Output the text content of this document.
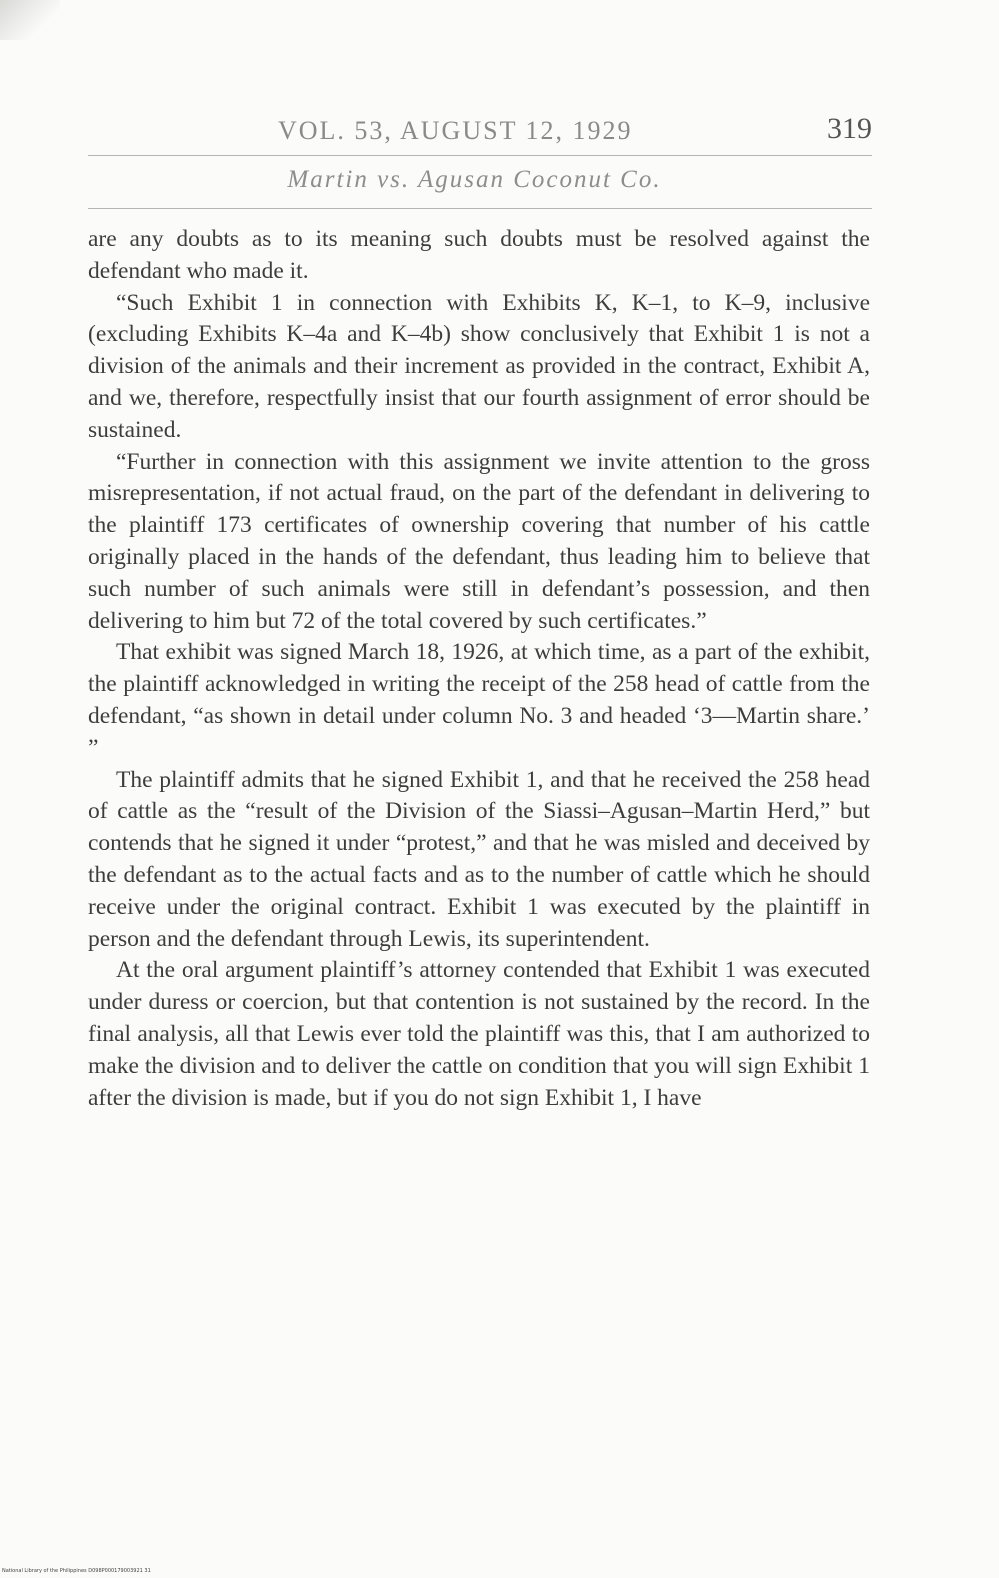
VOL. 53, AUGUST 12, 1929	319
Martin vs. Agusan Coconut Co.

are any doubts as to its meaning such doubts must be resolved against the defendant who made it.

“Such Exhibit 1 in connection with Exhibits K, K–1, to K–9, inclusive (excluding Exhibits K–4a and K–4b) show conclusively that Exhibit 1 is not a division of the animals and their increment as provided in the contract, Exhibit A, and we, therefore, respectfully insist that our fourth assignment of error should be sustained.

“Further in connection with this assignment we invite attention to the gross misrepresentation, if not actual fraud, on the part of the defendant in delivering to the plaintiff 173 certificates of ownership covering that number of his cattle originally placed in the hands of the defendant, thus leading him to believe that such number of such animals were still in defendant’s possession, and then delivering to him but 72 of the total covered by such certificates.”

That exhibit was signed March 18, 1926, at which time, as a part of the exhibit, the plaintiff acknowledged in writing the receipt of the 258 head of cattle from the defendant, “as shown in detail under column No. 3 and headed ‘3—Martin share.’ ”

The plaintiff admits that he signed Exhibit 1, and that he received the 258 head of cattle as the “result of the Division of the Siassi–Agusan–Martin Herd,” but contends that he signed it under “protest,” and that he was misled and deceived by the defendant as to the actual facts and as to the number of cattle which he should receive under the original contract. Exhibit 1 was executed by the plaintiff in person and the defendant through Lewis, its superintendent.

At the oral argument plaintiff’s attorney contended that Exhibit 1 was executed under duress or coercion, but that contention is not sustained by the record. In the final analysis, all that Lewis ever told the plaintiff was this, that I am authorized to make the division and to deliver the cattle on condition that you will sign Exhibit 1 after the division is made, but if you do not sign Exhibit 1, I have

National Library of the Philippines D098P000179003921 31
